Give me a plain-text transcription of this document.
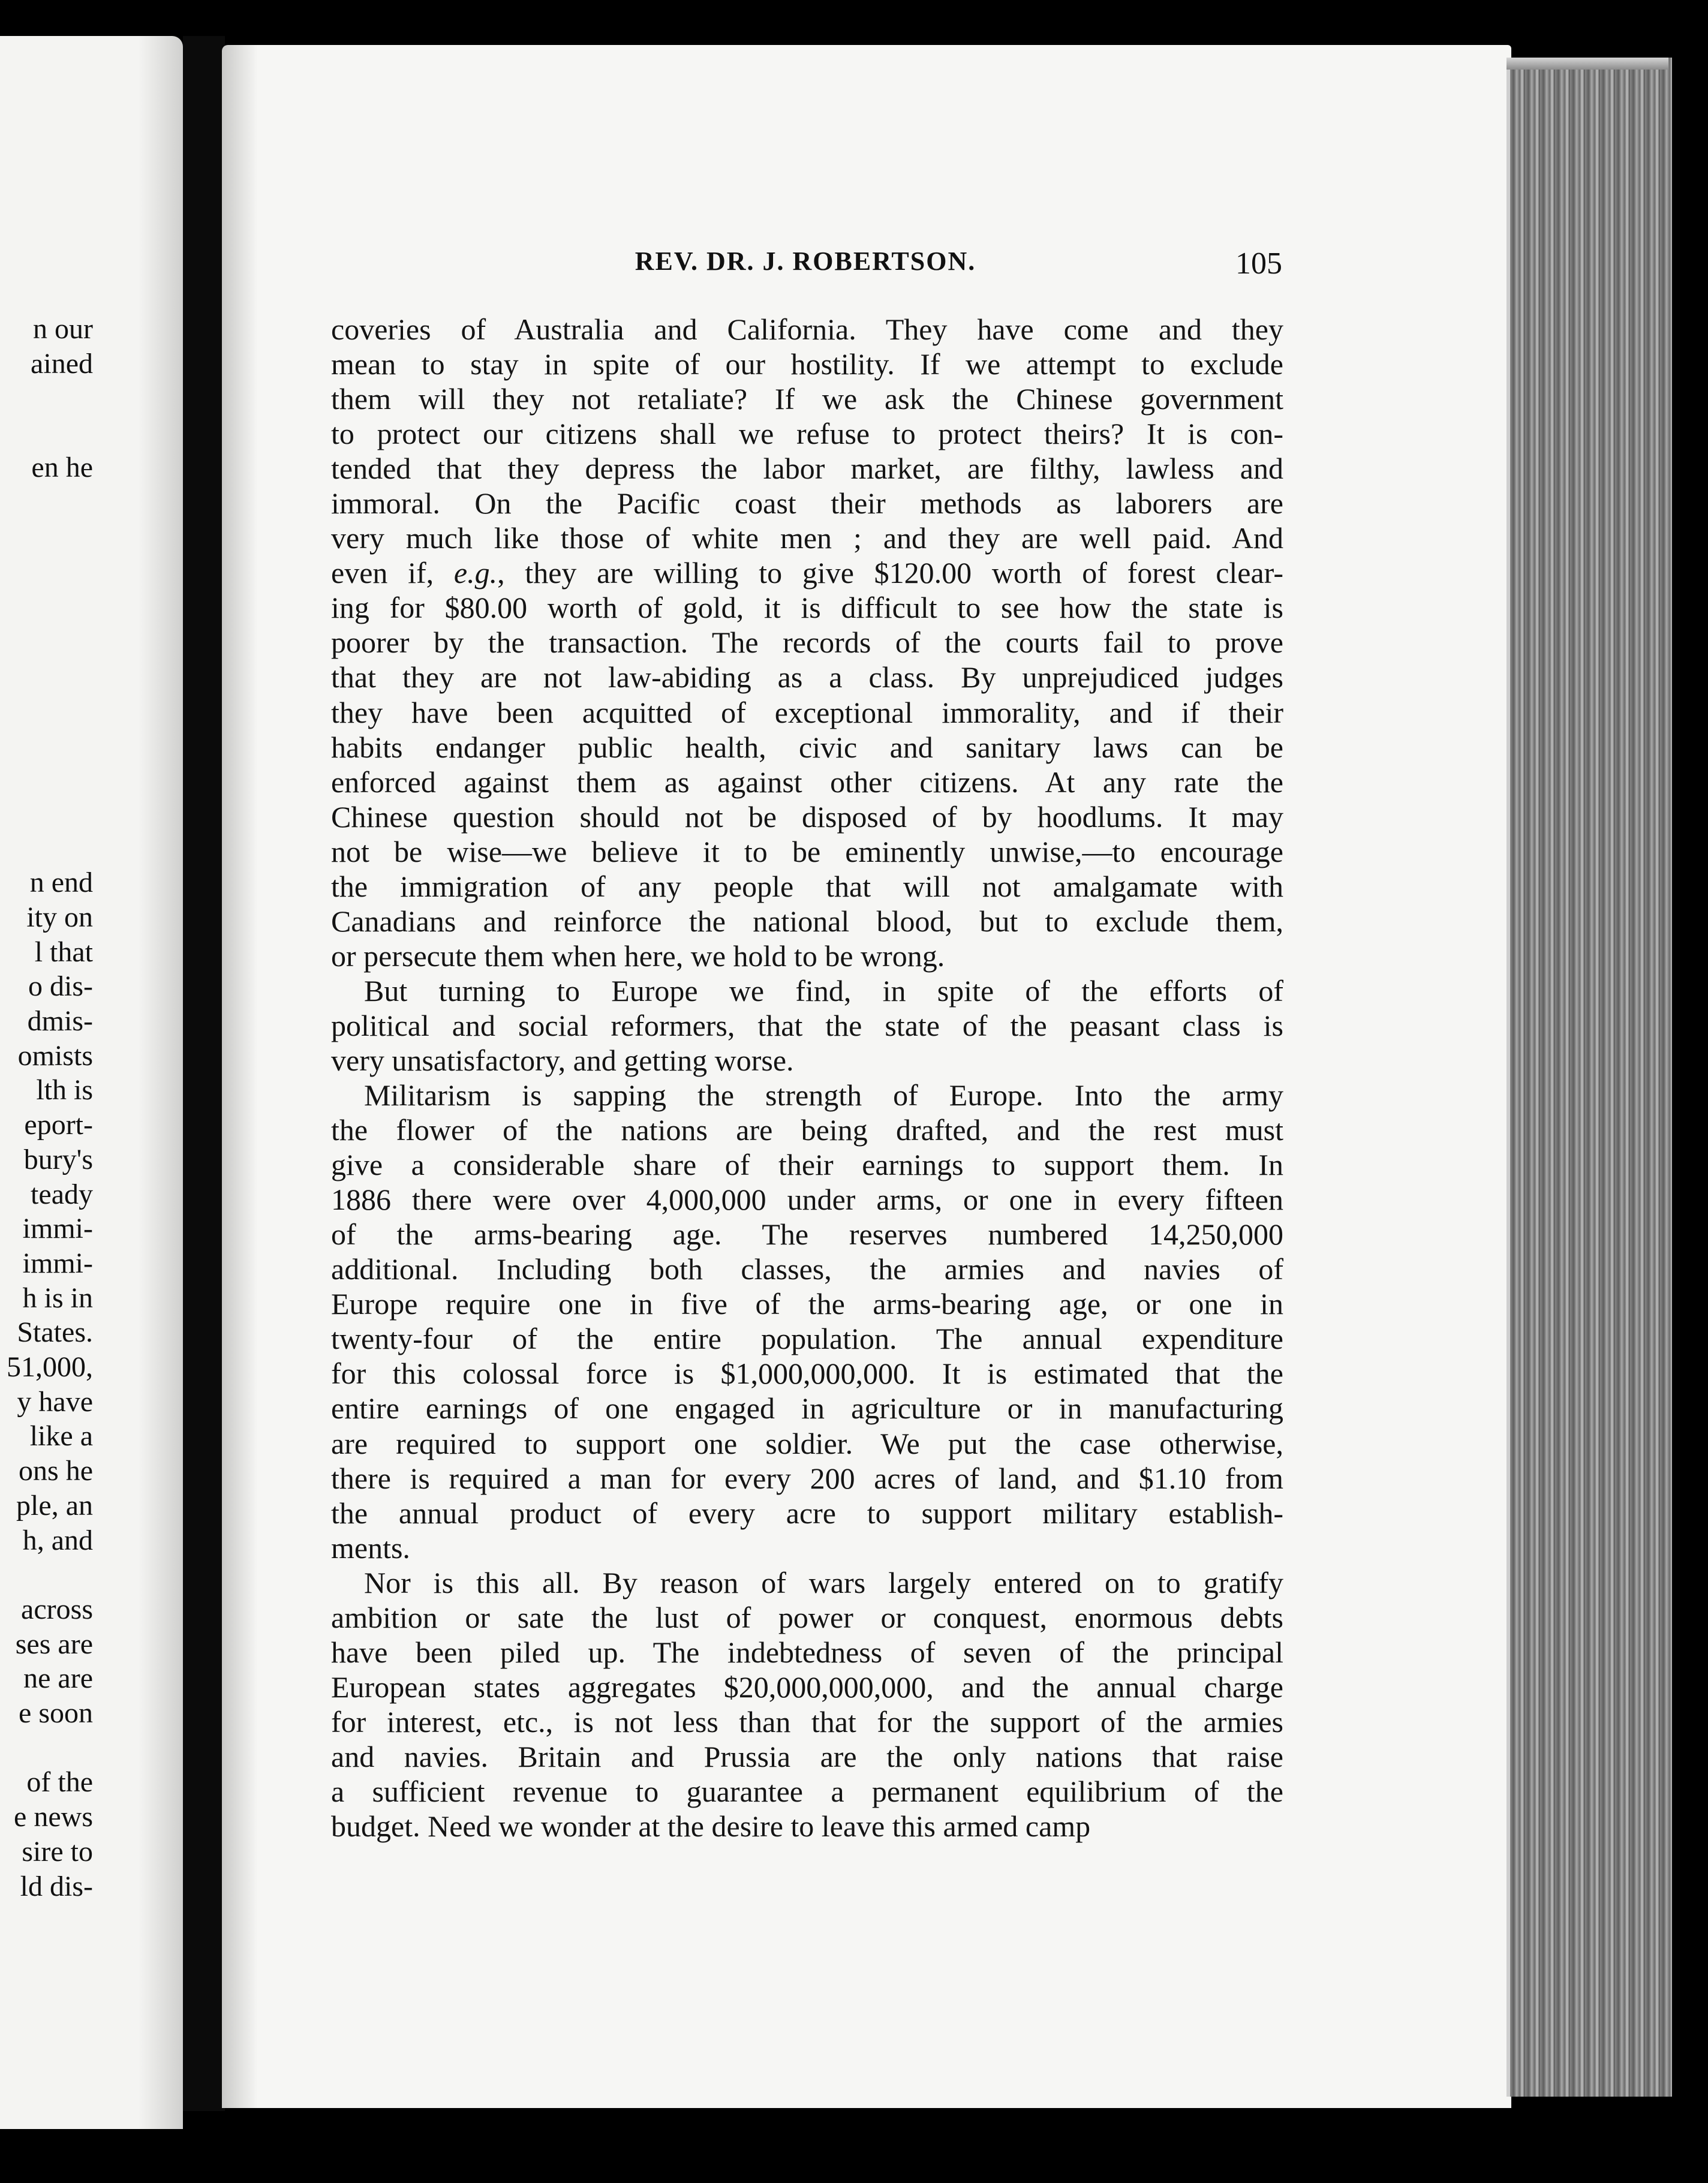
n our
ained
en he
n end
ity on
l that
o dis-
dmis-
omists
lth is
eport-
bury's
teady
immi-
immi-
h is in
States.
51,000,
y have
like a
ons he
ple, an
h, and
across
ses are
ne are
e soon
of the
e news
sire to
ld dis-
REV. DR. J. ROBERTSON.	105
coveries of Australia and California. They have come and they
mean to stay in spite of our hostility. If we attempt to exclude
them will they not retaliate? If we ask the Chinese government
to protect our citizens shall we refuse to protect theirs? It is con-
tended that they depress the labor market, are filthy, lawless and
immoral. On the Pacific coast their methods as laborers are
very much like those of white men ; and they are well paid. And
even if, e.g., they are willing to give $120.00 worth of forest clear-
ing for $80.00 worth of gold, it is difficult to see how the state is
poorer by the transaction. The records of the courts fail to prove
that they are not law-abiding as a class. By unprejudiced judges
they have been acquitted of exceptional immorality, and if their
habits endanger public health, civic and sanitary laws can be
enforced against them as against other citizens. At any rate the
Chinese question should not be disposed of by hoodlums. It may
not be wise—we believe it to be eminently unwise,—to encourage
the immigration of any people that will not amalgamate with
Canadians and reinforce the national blood, but to exclude them,
or persecute them when here, we hold to be wrong.
But turning to Europe we find, in spite of the efforts of
political and social reformers, that the state of the peasant class is
very unsatisfactory, and getting worse.
Militarism is sapping the strength of Europe. Into the army
the flower of the nations are being drafted, and the rest must
give a considerable share of their earnings to support them. In
1886 there were over 4,000,000 under arms, or one in every fifteen
of the arms-bearing age. The reserves numbered 14,250,000
additional. Including both classes, the armies and navies of
Europe require one in five of the arms-bearing age, or one in
twenty-four of the entire population. The annual expenditure
for this colossal force is $1,000,000,000. It is estimated that the
entire earnings of one engaged in agriculture or in manufacturing
are required to support one soldier. We put the case otherwise,
there is required a man for every 200 acres of land, and $1.10 from
the annual product of every acre to support military establish-
ments.
Nor is this all. By reason of wars largely entered on to gratify
ambition or sate the lust of power or conquest, enormous debts
have been piled up. The indebtedness of seven of the principal
European states aggregates $20,000,000,000, and the annual charge
for interest, etc., is not less than that for the support of the armies
and navies. Britain and Prussia are the only nations that raise
a sufficient revenue to guarantee a permanent equilibrium of the
budget. Need we wonder at the desire to leave this armed camp
